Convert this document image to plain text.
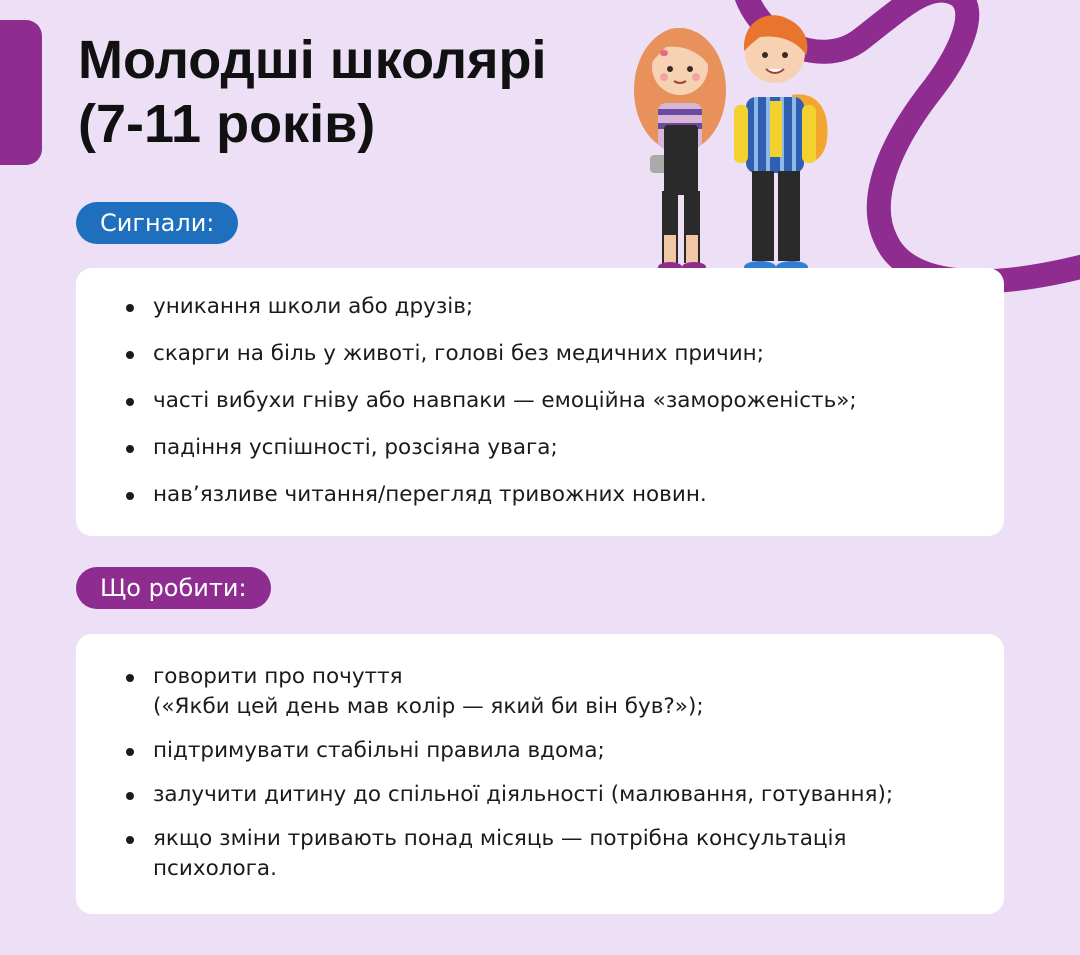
Молодші школярі
(7-11 років)
Сигнали:
уникання школи або друзів;
скарги на біль у животі, голові без медичних причин;
часті вибухи гніву або навпаки — емоційна «замороженість»;
падіння успішності, розсіяна увага;
нав’язливе читання/перегляд тривожних новин.
Що робити:
говорити про почуття
(«Якби цей день мав колір — який би він був?»);
підтримувати стабільні правила вдома;
залучити дитину до спільної діяльності (малювання, готування);
якщо зміни тривають понад місяць — потрібна консультація
психолога.
